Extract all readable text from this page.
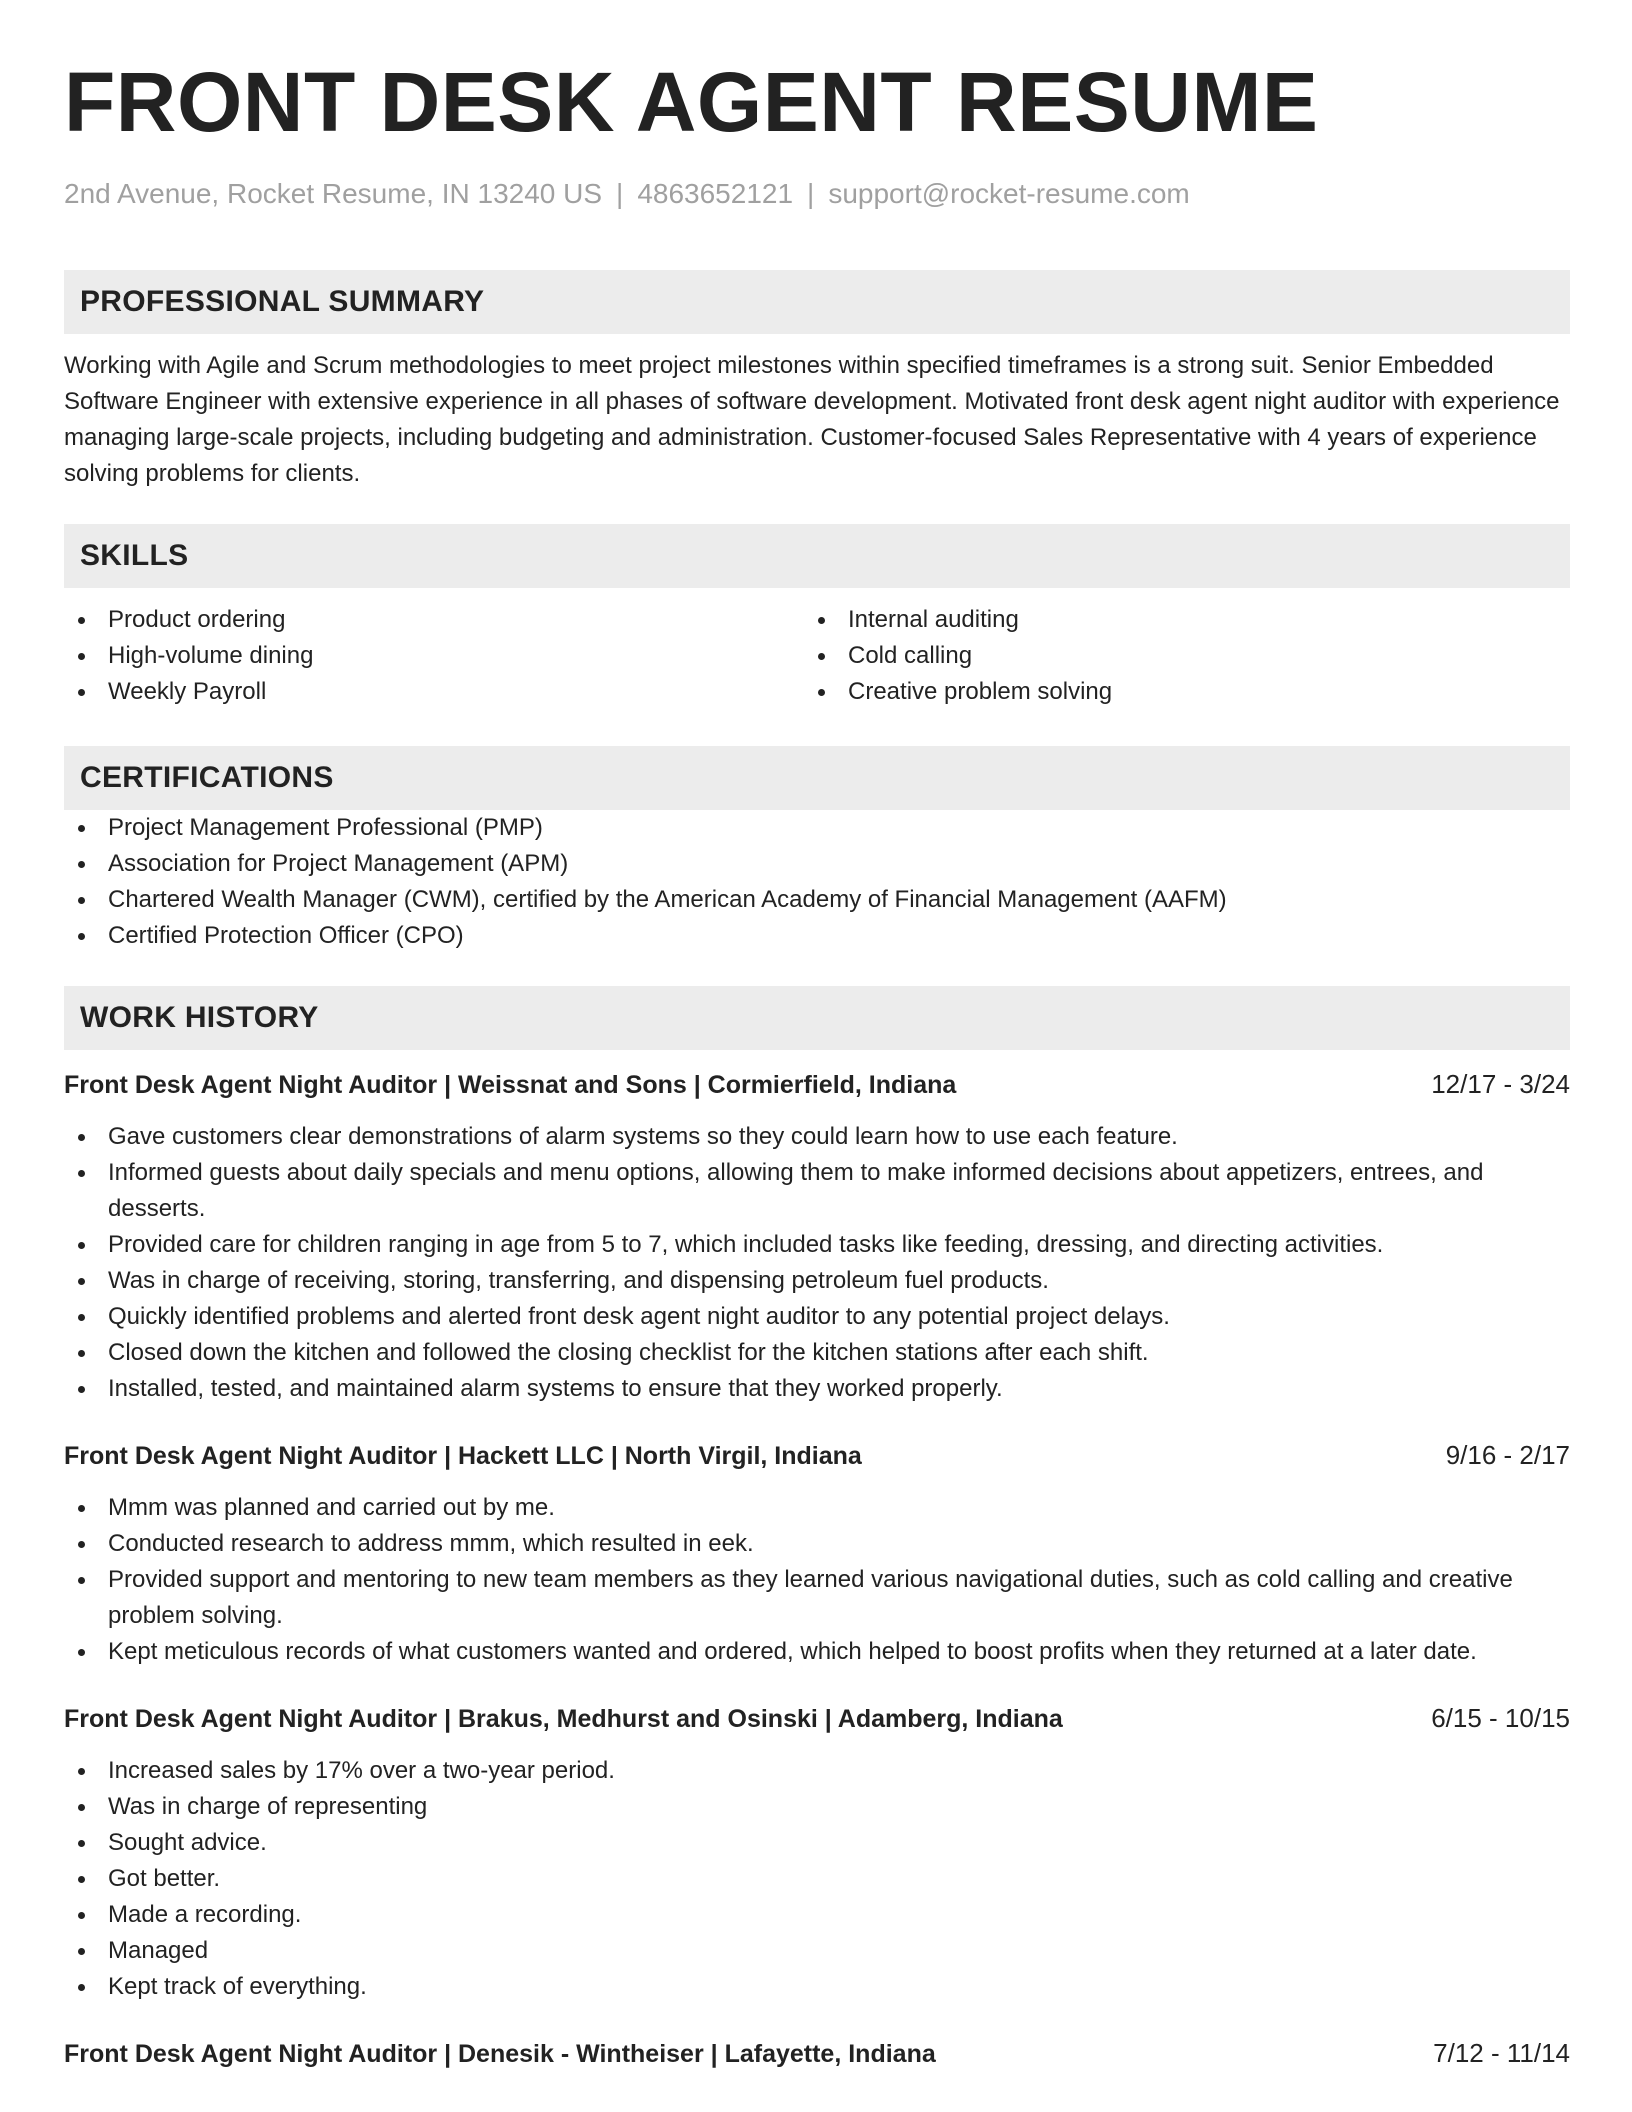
FRONT DESK AGENT RESUME
2nd Avenue, Rocket Resume, IN 13240 US | 4863652121 | support@rocket-resume.com
PROFESSIONAL SUMMARY
Working with Agile and Scrum methodologies to meet project milestones within specified timeframes is a strong suit. Senior Embedded Software Engineer with extensive experience in all phases of software development. Motivated front desk agent night auditor with experience managing large-scale projects, including budgeting and administration. Customer-focused Sales Representative with 4 years of experience solving problems for clients.
SKILLS
Product ordering
High-volume dining
Weekly Payroll
Internal auditing
Cold calling
Creative problem solving
CERTIFICATIONS
Project Management Professional (PMP)
Association for Project Management (APM)
Chartered Wealth Manager (CWM), certified by the American Academy of Financial Management (AAFM)
Certified Protection Officer (CPO)
WORK HISTORY
Front Desk Agent Night Auditor | Weissnat and Sons | Cormierfield, Indiana	12/17 - 3/24
Gave customers clear demonstrations of alarm systems so they could learn how to use each feature.
Informed guests about daily specials and menu options, allowing them to make informed decisions about appetizers, entrees, and desserts.
Provided care for children ranging in age from 5 to 7, which included tasks like feeding, dressing, and directing activities.
Was in charge of receiving, storing, transferring, and dispensing petroleum fuel products.
Quickly identified problems and alerted front desk agent night auditor to any potential project delays.
Closed down the kitchen and followed the closing checklist for the kitchen stations after each shift.
Installed, tested, and maintained alarm systems to ensure that they worked properly.
Front Desk Agent Night Auditor | Hackett LLC | North Virgil, Indiana	9/16 - 2/17
Mmm was planned and carried out by me.
Conducted research to address mmm, which resulted in eek.
Provided support and mentoring to new team members as they learned various navigational duties, such as cold calling and creative problem solving.
Kept meticulous records of what customers wanted and ordered, which helped to boost profits when they returned at a later date.
Front Desk Agent Night Auditor | Brakus, Medhurst and Osinski | Adamberg, Indiana	6/15 - 10/15
Increased sales by 17% over a two-year period.
Was in charge of representing
Sought advice.
Got better.
Made a recording.
Managed
Kept track of everything.
Front Desk Agent Night Auditor | Denesik - Wintheiser | Lafayette, Indiana	7/12 - 11/14
